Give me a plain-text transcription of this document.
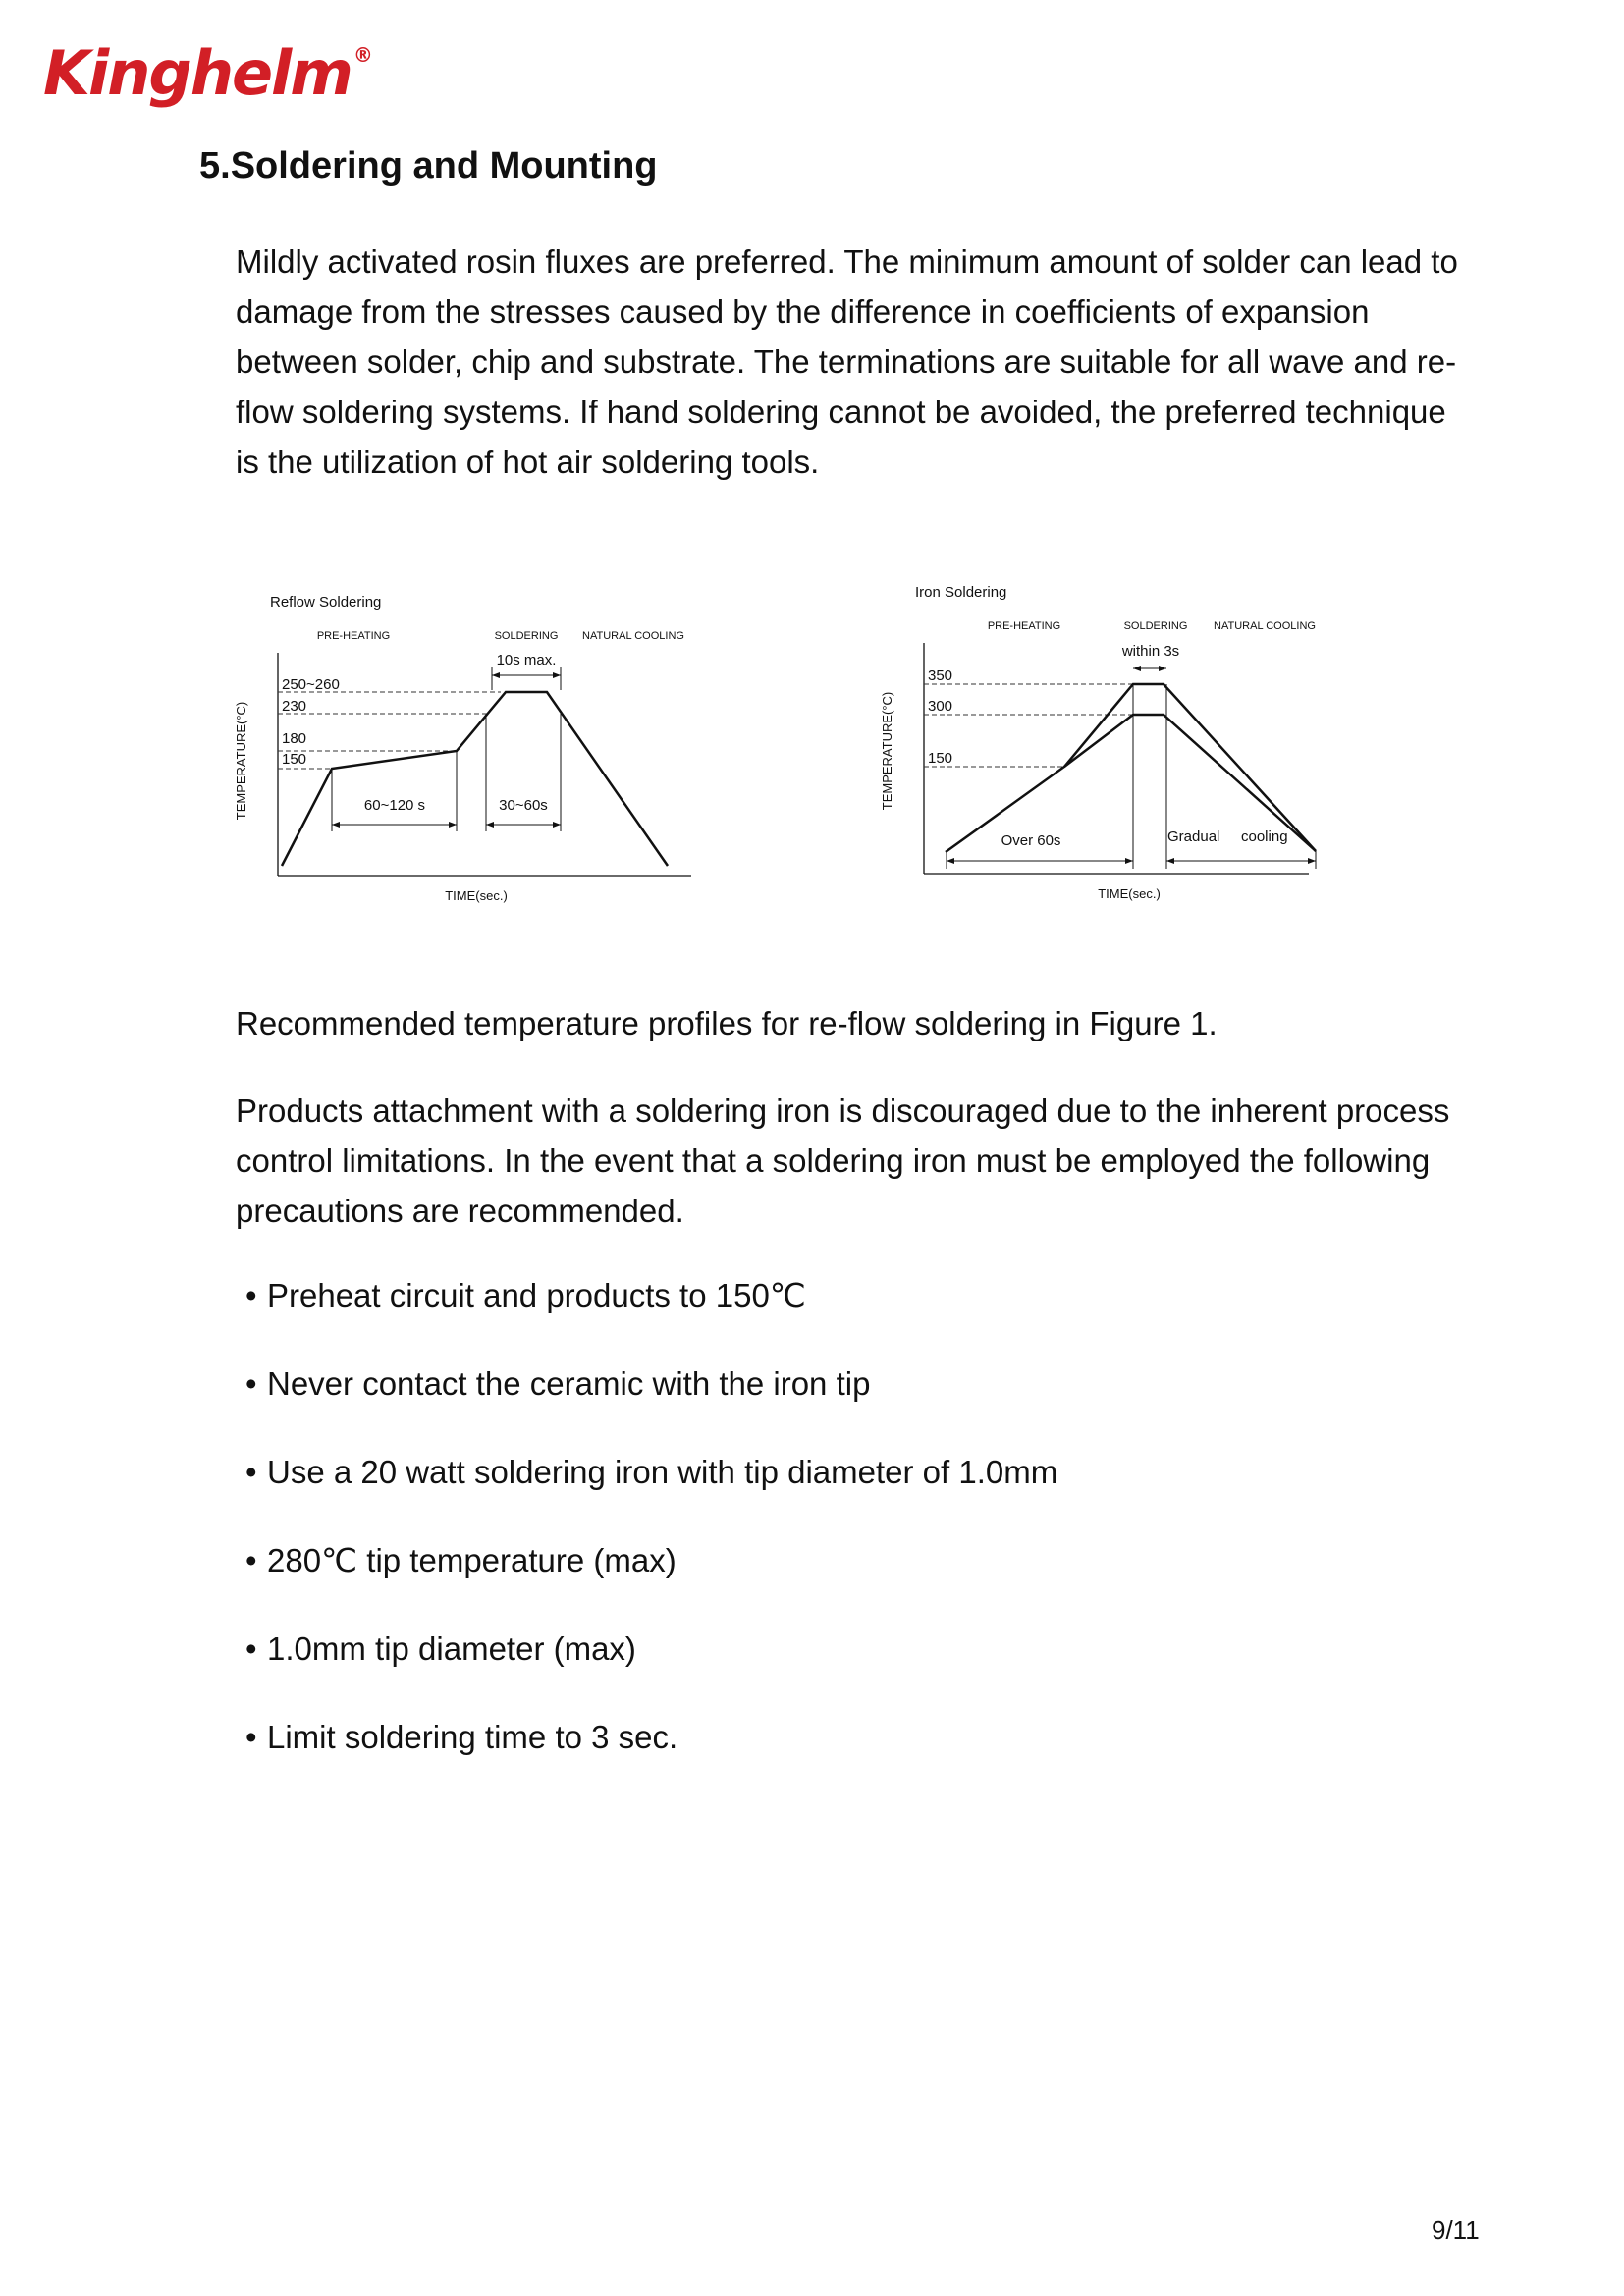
Kinghelm ®
5.Soldering and Mounting

Mildly activated rosin fluxes are preferred. The minimum amount of solder can lead to damage from the stresses caused by the difference in coefficients of expansion between solder, chip and substrate. The terminations are suitable for all wave and re-flow soldering systems. If hand soldering cannot be avoided, the preferred technique is the utilization of hot air soldering tools.

Reflow Soldering
PRE-HEATING	SOLDERING NATURAL COOLING
10s max.
250~260
230
180
150
60~120 s	30~60s
TIME(sec.)
TEMPERATURE(°C)
Iron Soldering
PRE-HEATING	SOLDERING NATURAL COOLING
within 3s
350
300
150
Over 60s	Gradual cooling
TIME(sec.)
TEMPERATURE(°C)

Recommended temperature profiles for re-flow soldering in Figure 1.

Products attachment with a soldering iron is discouraged due to the inherent process control limitations. In the event that a soldering iron must be employed the following precautions are recommended.

• Preheat circuit and products to 150℃
• Never contact the ceramic with the iron tip
• Use a 20 watt soldering iron with tip diameter of 1.0mm
• 280℃ tip temperature (max)
• 1.0mm tip diameter (max)
• Limit soldering time to 3 sec.
9/11
